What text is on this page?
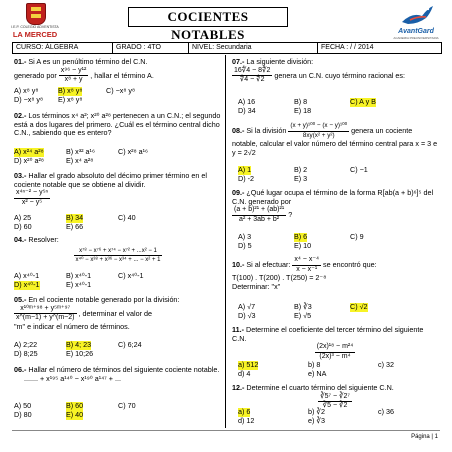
I.E.P. COLEGIO ADVENTISTA
LA MERCED
COCIENTES NOTABLES	AvantGard
ACADEMIA PREUNIVERSITARIA
CURSO: ÁLGEBRA	GRADO : 4TO	NIVEL: Secundaria	FECHA : / / 2014
01.- Si A es un penúltimo término del C.N.
generado por $\frac{\text{x⁹⁶ − y¹²}}{\text{x⁸ + y}}$ , hallar el término A.
A) x⁸ y⁸	B) x⁸ y⁸	C) −x⁸ y⁸
D) −x⁸ y⁸ E) x⁸ y⁸
02.- Los términos x⁴ a²; x²⁰ a²⁸ pertenecen a un C.N.; el segundo está a dos lugares del primero. ¿Cuál es el término central dicho C.N., sabiendo que es entero?
A) x²⁴ a²⁸	B) x³² a¹⁶	C) x²⁸ a¹⁶
D) x²⁰ a²⁸	E) x⁴ a²⁸
03.- Hallar el grado absoluto del décimo primer término en el cociente notable que se obtiene al dividir.

$\frac{\text{x⁴ⁿ⁻² − y⁵ⁿ}}{\text{x² − y⁵}}$
A) 25	B) 34	C) 40
D) 60	E) 66
04.- Resolver:

$\frac{\text{x⁷⁸ − x⁷⁶ + x⁷⁴ − x⁷² + ...x² − 1}}{\text{x⁴⁰ − x³⁸ + x³⁶ − x³⁴ + ... − x² + 1}}$
A) x⁴⁰-1	B) x⁴⁰-1	C) x⁴⁰-1
D) x⁴⁰-1	E) x⁴⁰-1
05.- En el cociente notable generado por la división:

$\frac{\text{x¹⁰ᵐ⁺⁹⁸ + y⁵ᵐ⁺⁹⁷}}{x\^{}(m-1) + y\^{}(m-2)}$ , determinar el valor de
"m" e indicar el número de términos.
A) 2;22	B) 4; 23	C) 6;24
D) 8;25	E) 10;26
06.- Hallar el número de términos del siguiente cociente notable.
....... + x¹⁹⁵ a¹⁴⁰ − x¹⁹⁰ a¹⁴⁷ + ...
A) 50	B) 60	C) 70
D) 80	E) 40
07.- La siguiente división:

$\frac{16∜4 - 8∜2}{∜4 - ∜2}$ genera un C.N. cuyo término racional es:
A) 16	B) 8	C) A y B
D) 34	E) 18
08.- Si la división $\frac{\text{(x + y)¹⁰⁰ − (x − y)¹⁰⁰}}{\text{8xy(x² + y²)}}$ genera un cociente notable, calcular el valor número del término central para x = 3 e y = 2√2
A) 1	B) 2	C) −1
D) -2	E) 3
09.- ¿Qué lugar ocupa el término de la forma R[ab(a + b)⁶]⁵ del C.N. generado por

$\frac{\text{(a + b)²¹ + (ab)²¹}}{\text{a² + 3ab + b²}}$ ?
A) 3	B) 6	C) 9
D) 5	E) 10
10.- Si al efectuar: $\frac{\text{x⁴ − x⁻⁴}}{\text{x − x⁻¹}}$ se encontró que:
T(100) . T(200) . T(250) = 2⁻⁸
Determinar: "x"
A) √7	B) ∛3	C) √2
D) √3	E) √5
11.- Determine el coeficiente del tercer término del siguiente C.N.

$\frac{\text{(2x)¹⁸ − m²⁴}}{\text{(2x)³ − m⁴}}$
a) 512	b) 8	c) 32
d) 4	e) NA
12.- Determine el cuarto término del siguiente C.N.

$\frac{\text{∛5⁷ − ∛2⁷}}{∛5 - ∛2}$
a) 6	b) ∛2	c) 36
d) 12	e) ∛3
Página | 1
